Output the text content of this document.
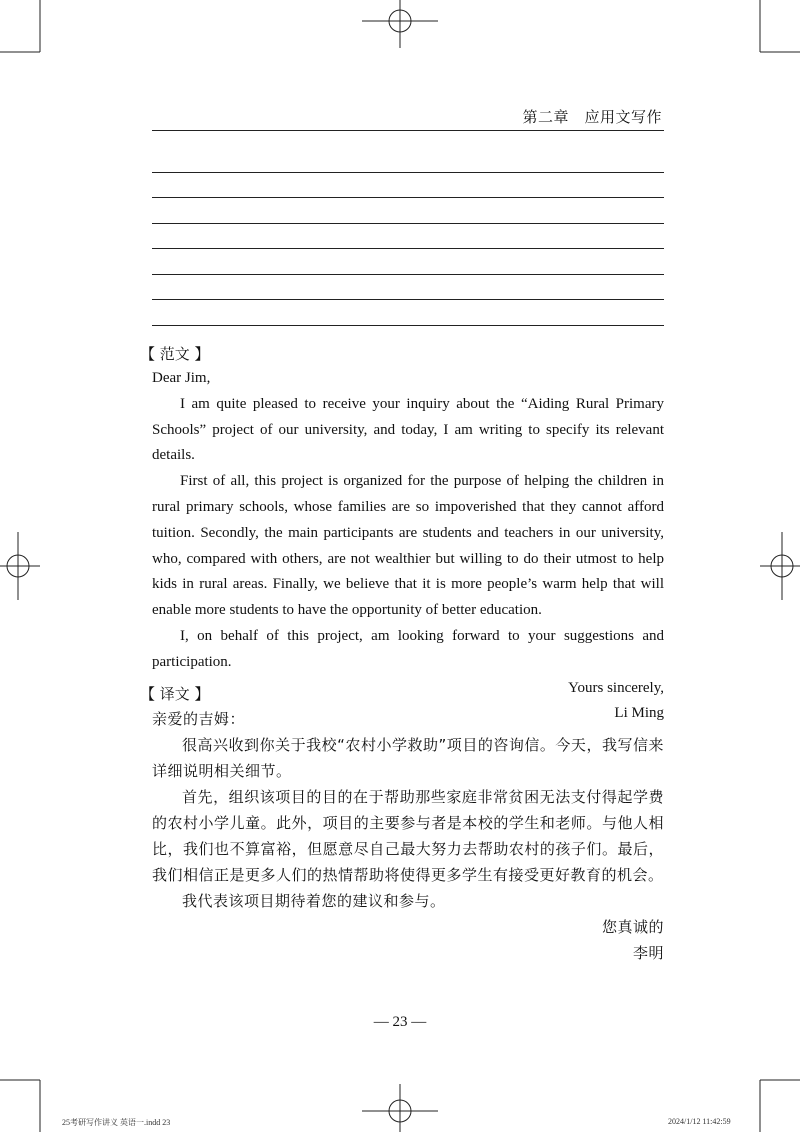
第二章　应用文写作
【 范文 】

Dear Jim,

I am quite pleased to receive your inquiry about the “Aiding Rural Primary Schools” project of our university, and today, I am writing to specify its relevant details.

First of all, this project is organized for the purpose of helping the children in rural primary schools, whose families are so impoverished that they cannot afford tuition. Secondly, the main participants are students and teachers in our university, who, compared with others, are not wealthier but willing to do their utmost to help kids in rural areas. Finally, we believe that it is more people’s warm help that will enable more students to have the opportunity of better education.

I, on behalf of this project, am looking forward to your suggestions and participation.

Yours sincerely,

Li Ming

【 译文 】

亲爱的吉姆：

很高兴收到你关于我校“农村小学救助”项目的咨询信。今天，我写信来详细说明相关细节。

首先，组织该项目的目的在于帮助那些家庭非常贫困无法支付得起学费的农村小学儿童。此外，项目的主要参与者是本校的学生和老师。与他人相比，我们也不算富裕，但愿意尽自己最大努力去帮助农村的孩子们。最后，我们相信正是更多人们的热情帮助将使得更多学生有接受更好教育的机会。

我代表该项目期待着您的建议和参与。

您真诚的

李明

— 23 —
25考研写作讲义 英语一.indd 23	2024/1/12 11:42:59
